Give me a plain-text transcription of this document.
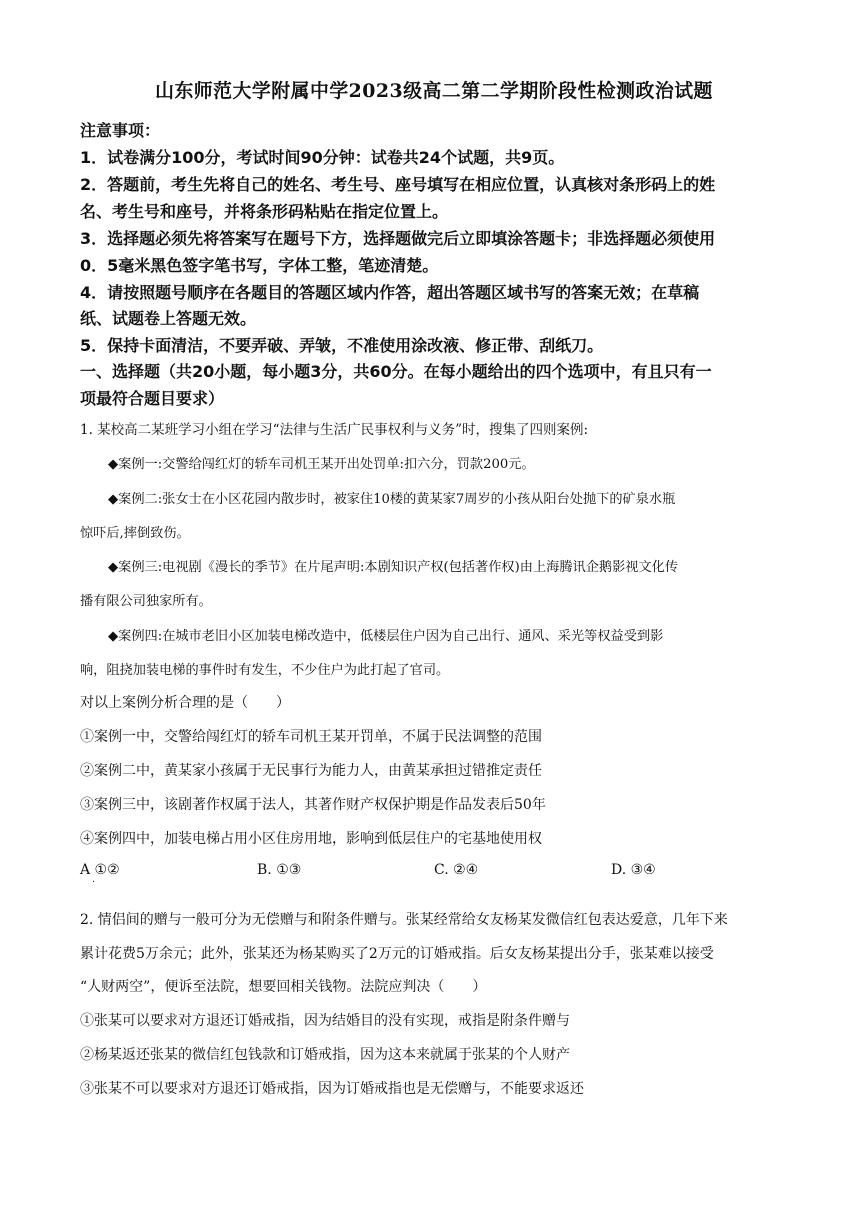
山东师范大学附属中学2023级高二第二学期阶段性检测政治试题
注意事项：
1．试卷满分100分，考试时间90分钟：试卷共24个试题，共9页。
2．答题前，考生先将自己的姓名、考生号、座号填写在相应位置，认真核对条形码上的姓
名、考生号和座号，并将条形码粘贴在指定位置上。
3．选择题必须先将答案写在题号下方，选择题做完后立即填涂答题卡；非选择题必须使用
0．5毫米黑色签字笔书写，字体工整，笔迹清楚。
4．请按照题号顺序在各题目的答题区域内作答，超出答题区域书写的答案无效；在草稿
纸、试题卷上答题无效。
5．保持卡面清洁，不要弄破、弄皱，不准使用涂改液、修正带、刮纸刀。
一、选择题（共20小题，每小题3分，共60分。在每小题给出的四个选项中，有且只有一
项最符合题目要求）
1. 某校高二某班学习小组在学习“法律与生活广民事权利与义务”时，搜集了四则案例:
◆案例一:交警给闯红灯的轿车司机王某开出处罚单:扣六分，罚款200元。
◆案例二:张女士在小区花园内散步时，被家住10楼的黄某家7周岁的小孩从阳台处抛下的矿泉水瓶
惊吓后,摔倒致伤。
◆案例三:电视剧《漫长的季节》在片尾声明:本剧知识产权(包括著作权)由上海腾讯企鹅影视文化传
播有限公司独家所有。
◆案例四:在城市老旧小区加装电梯改造中，低楼层住户因为自己出行、通风、采光等权益受到影
响，阻挠加装电梯的事件时有发生，不少住户为此打起了官司。
对以上案例分析合理的是（　　）
①案例一中，交警给闯红灯的轿车司机王某开罚单，不属于民法调整的范围
②案例二中，黄某家小孩属于无民事行为能力人，由黄某承担过错推定责任
③案例三中，该剧著作权属于法人，其著作财产权保护期是作品发表后50年
④案例四中，加装电梯占用小区住房用地，影响到低层住户的宅基地使用权
A ①②
·
B. ①③	C. ②④	D. ③④
2. 情侣间的赠与一般可分为无偿赠与和附条件赠与。张某经常给女友杨某发微信红包表达爱意，几年下来
累计花费5万余元；此外，张某还为杨某购买了2万元的订婚戒指。后女友杨某提出分手，张某难以接受
“人财两空”，便诉至法院，想要回相关钱物。法院应判决（　　）
①张某可以要求对方退还订婚戒指，因为结婚目的没有实现，戒指是附条件赠与
②杨某返还张某的微信红包钱款和订婚戒指，因为这本来就属于张某的个人财产
③张某不可以要求对方退还订婚戒指，因为订婚戒指也是无偿赠与，不能要求返还
